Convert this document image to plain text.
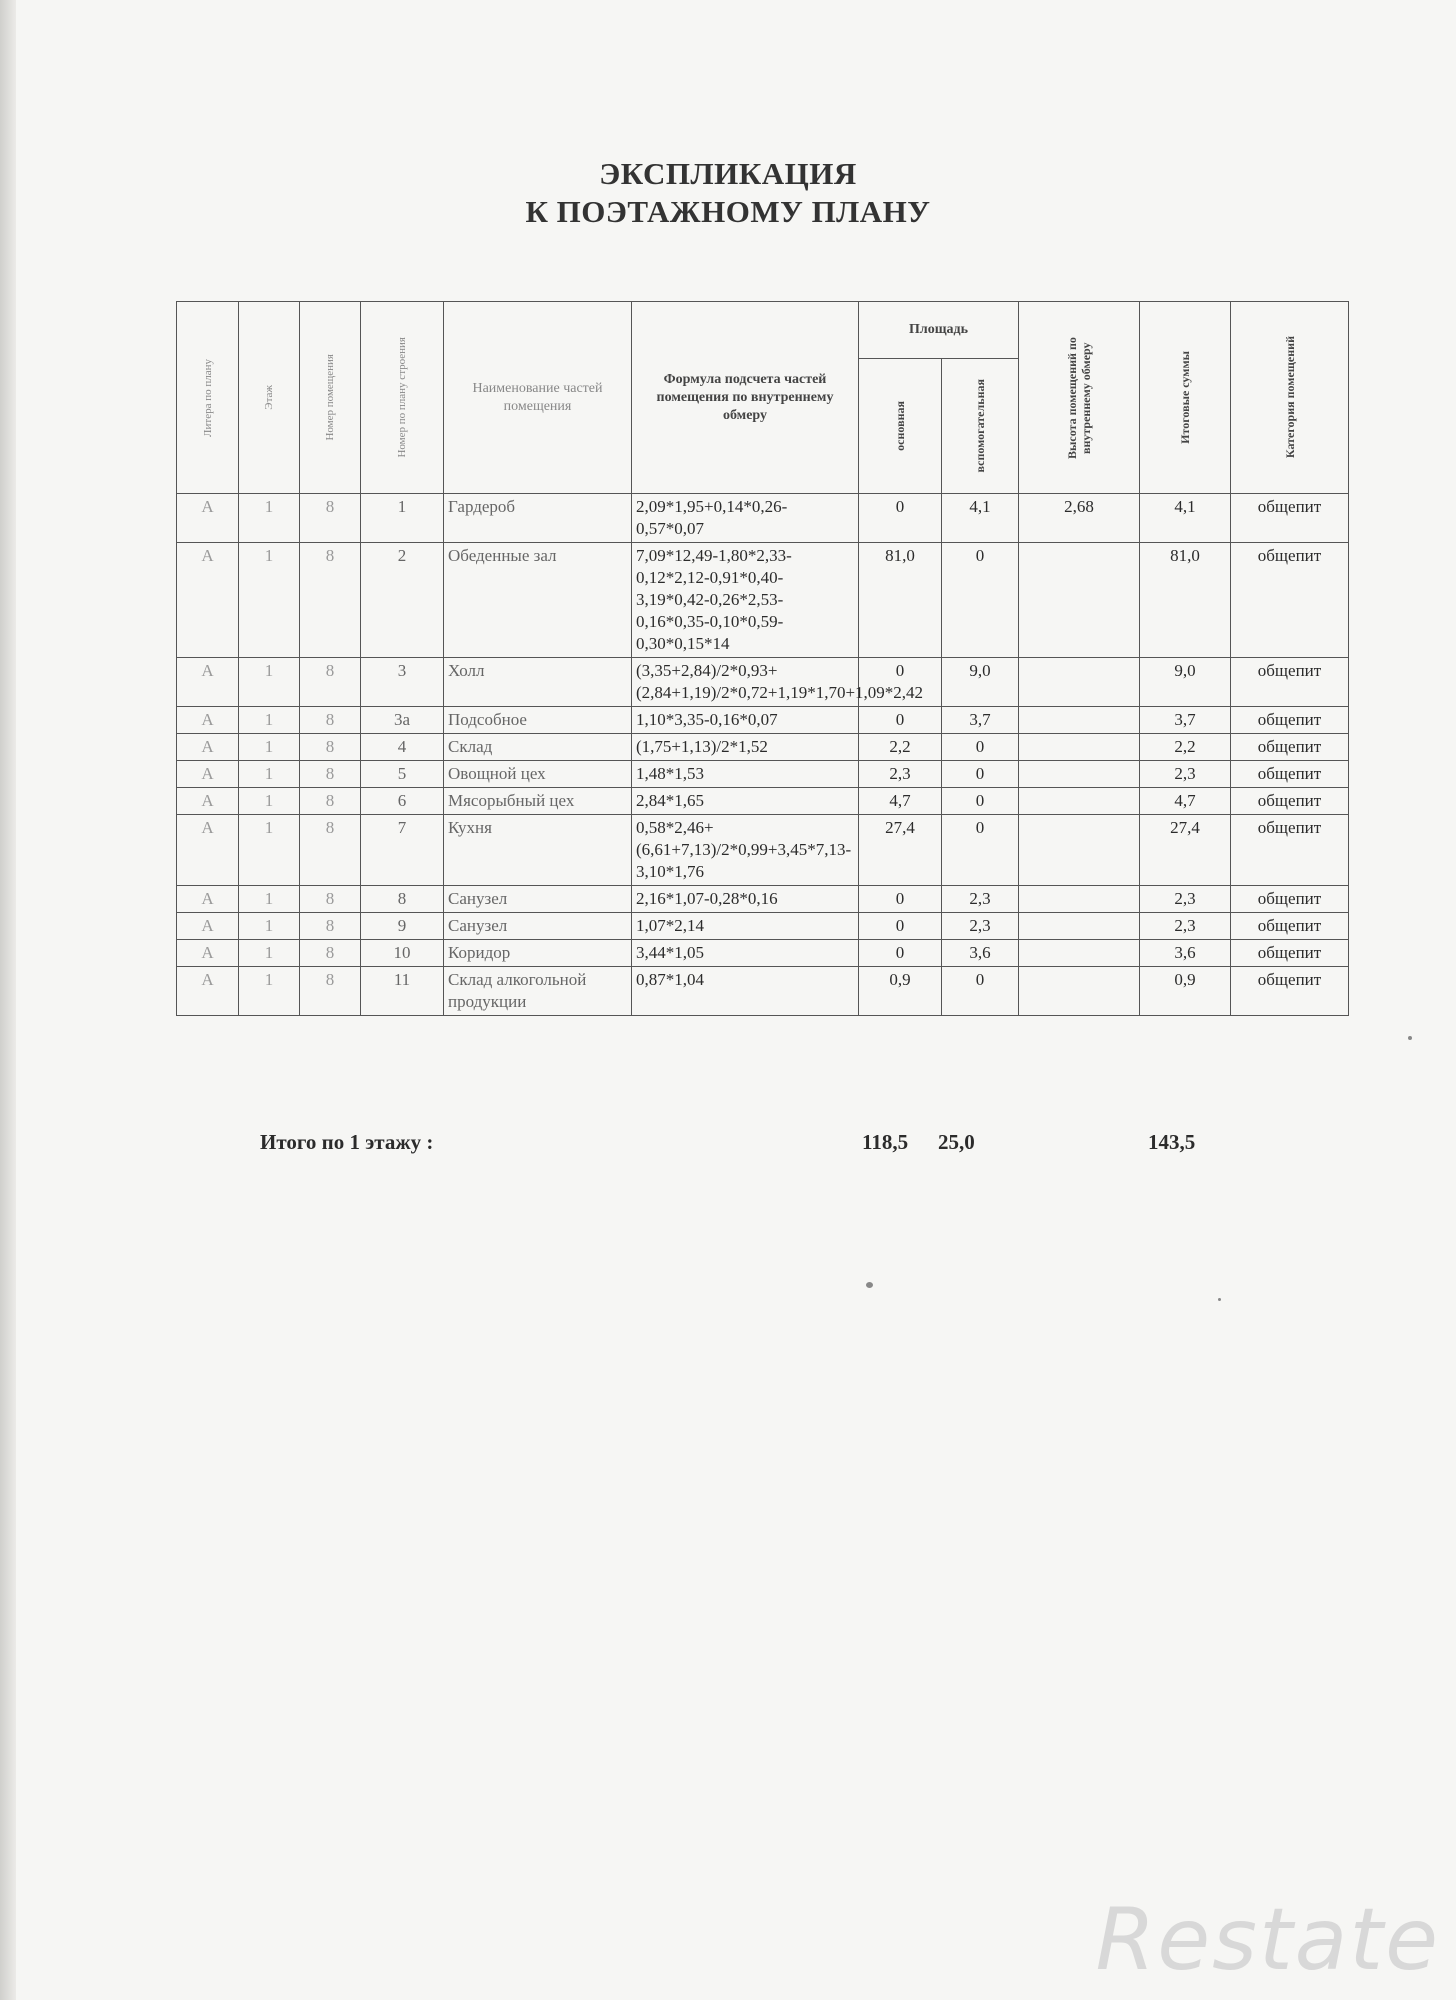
ЭКСПЛИКАЦИЯ
К ПОЭТАЖНОМУ ПЛАНУ
Литера по плану	Этаж	Номер помещения	Номер по плану строения	Наименование частей помещения	Формула подсчета частей помещения по внутреннему обмеру	Площадь		Высота помещений по внутреннему обмеру	Итоговые суммы	Категория помещений

						основная	вспомогательная			

А	1	8	1	Гардероб	2,09*1,95+0,14*0,26-0,57*0,07	0	4,1	2,68	4,1	общепит
А	1	8	2	Обеденные зал	7,09*12,49-1,80*2,33-0,12*2,12-0,91*0,40-3,19*0,42-0,26*2,53-0,16*0,35-0,10*0,59-0,30*0,15*14	81,0	0		81,0	общепит
А	1	8	3	Холл	(3,35+2,84)/2*0,93+(2,84+1,19)/2*0,72+1,19*1,70+1,09*2,42	0	9,0		9,0	общепит
А	1	8	3а	Подсобное	1,10*3,35-0,16*0,07	0	3,7		3,7	общепит
А	1	8	4	Склад	(1,75+1,13)/2*1,52	2,2	0		2,2	общепит
А	1	8	5	Овощной цех	1,48*1,53	2,3	0		2,3	общепит
А	1	8	6	Мясорыбный цех	2,84*1,65	4,7	0		4,7	общепит
А	1	8	7	Кухня	0,58*2,46+(6,61+7,13)/2*0,99+3,45*7,13-3,10*1,76	27,4	0		27,4	общепит
А	1	8	8	Санузел	2,16*1,07-0,28*0,16	0	2,3		2,3	общепит
А	1	8	9	Санузел	1,07*2,14	0	2,3		2,3	общепит
А	1	8	10	Коридор	3,44*1,05	0	3,6		3,6	общепит
А	1	8	11	Склад алкогольной продукции	0,87*1,04	0,9	0		0,9	общепит
Итого по 1 этажу :	118,5 25,0	143,5
Restate
